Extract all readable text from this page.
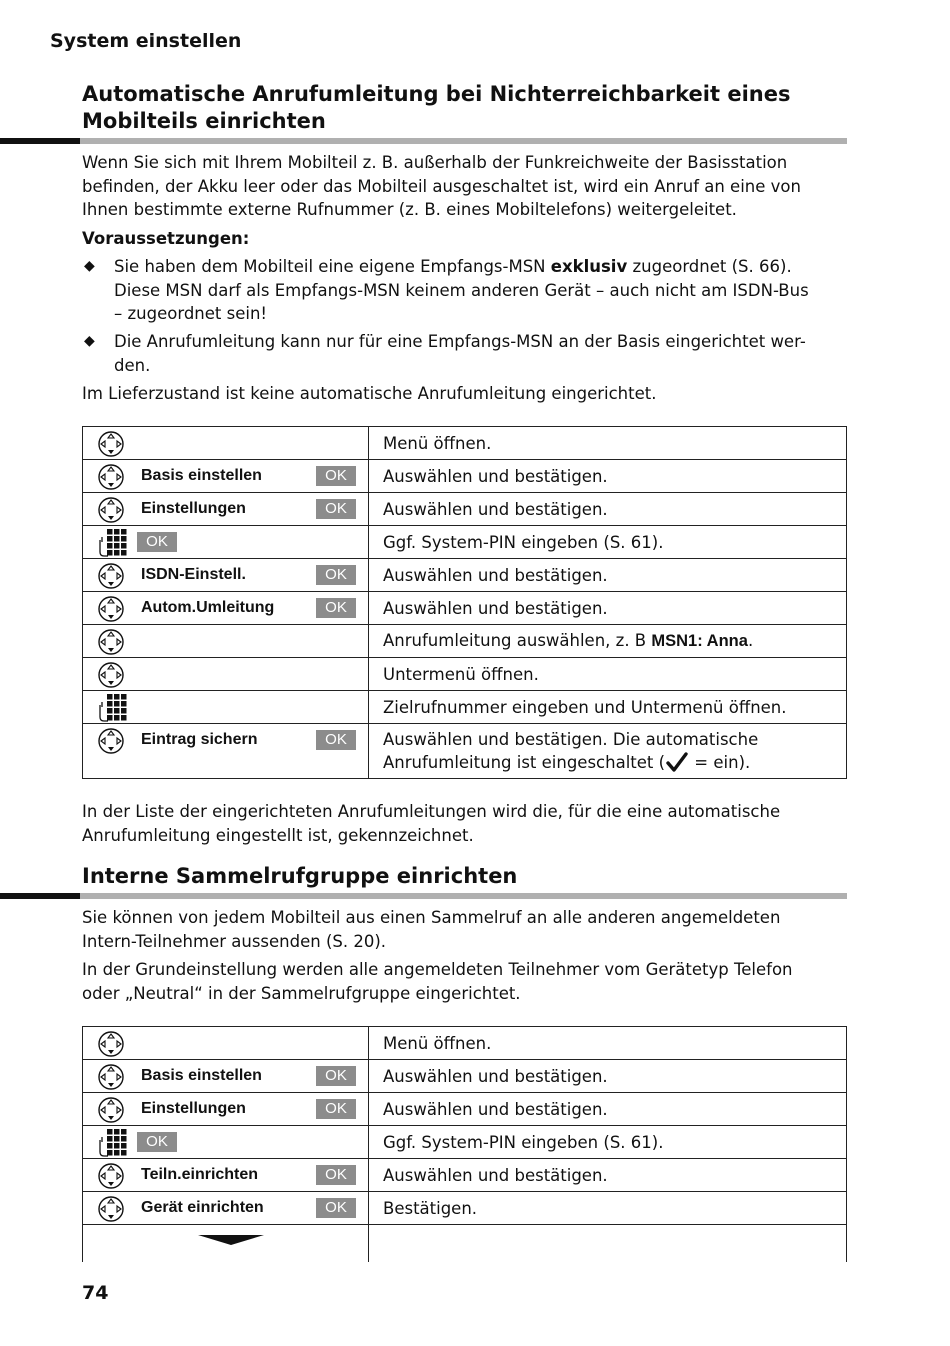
System einstellen
Automatische Anrufumleitung bei Nichterreichbarkeit eines
Mobilteils einrichten
Wenn Sie sich mit Ihrem Mobilteil z. B. außerhalb der Funkreichweite der Basisstation
befinden, der Akku leer oder das Mobilteil ausgeschaltet ist, wird ein Anruf an eine von
Ihnen bestimmte externe Rufnummer (z. B. eines Mobiltelefons) weitergeleitet.
Voraussetzungen:
◆ Sie haben dem Mobilteil eine eigene Empfangs-MSN exklusiv zugeordnet (S. 66).
Diese MSN darf als Empfangs-MSN keinem anderen Gerät – auch nicht am ISDN-Bus
– zugeordnet sein!
◆ Die Anrufumleitung kann nur für eine Empfangs-MSN an der Basis eingerichtet wer-
den.
Im Lieferzustand ist keine automatische Anrufumleitung eingerichtet.
	Menü öffnen.

Basis einstellen OK	Auswählen und bestätigen.

Einstellungen OK	Auswählen und bestätigen.

OK	Ggf. System-PIN eingeben (S. 61).

ISDN-Einstell. OK	Auswählen und bestätigen.

Autom.Umleitung OK	Auswählen und bestätigen.

	Anrufumleitung auswählen, z. B MSN1: Anna.

	Untermenü öffnen.

	Zielrufnummer eingeben und Untermenü öffnen.

Eintrag sichern OK	Auswählen und bestätigen. Die automatische
Anrufumleitung ist eingeschaltet ( = ein).
In der Liste der eingerichteten Anrufumleitungen wird die, für die eine automatische
Anrufumleitung eingestellt ist, gekennzeichnet.
Interne Sammelrufgruppe einrichten
Sie können von jedem Mobilteil aus einen Sammelruf an alle anderen angemeldeten
Intern-Teilnehmer aussenden (S. 20).
In der Grundeinstellung werden alle angemeldeten Teilnehmer vom Gerätetyp Telefon
oder „Neutral“ in der Sammelrufgruppe eingerichtet.
	Menü öffnen.

Basis einstellen OK	Auswählen und bestätigen.

Einstellungen OK	Auswählen und bestätigen.

OK	Ggf. System-PIN eingeben (S. 61).

Teiln.einrichten OK	Auswählen und bestätigen.

Gerät einrichten OK	Bestätigen.

74
